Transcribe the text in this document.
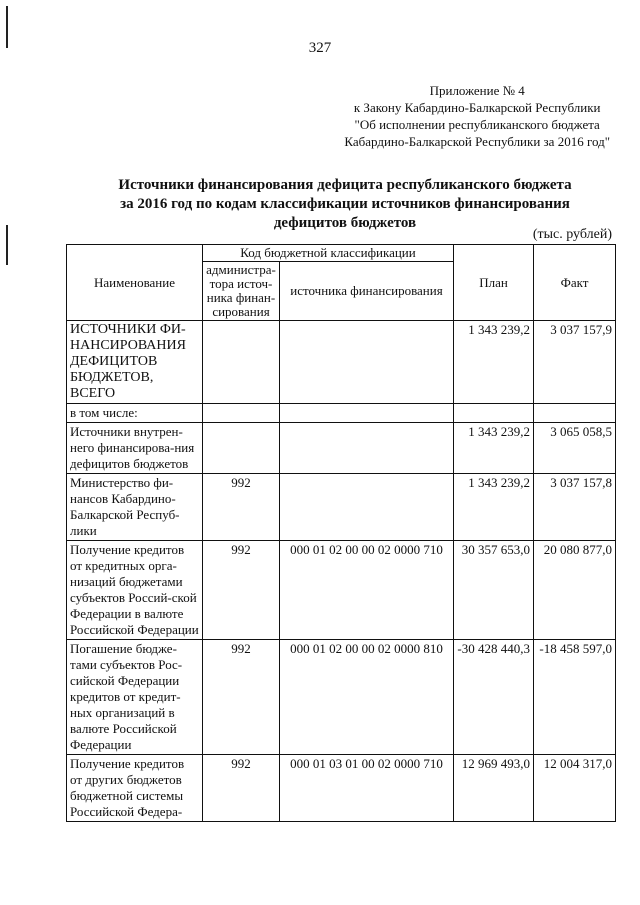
327
Приложение № 4
к Закону Кабардино-Балкарской Республики
"Об исполнении республиканского бюджета
Кабардино-Балкарской Республики за 2016 год"
Источники финансирования дефицита республиканского бюджета
за 2016 год по кодам классификации источников финансирования
дефицитов бюджетов
(тыс. рублей)
Наименование	Код бюджетной классификации		План	Факт
	администра-тора источ-ника финан-сирования	источника финансирования		
ИСТОЧНИКИ ФИ-НАНСИРОВАНИЯ ДЕФИЦИТОВ БЮДЖЕТОВ, ВСЕГО			1 343 239,2	3 037 157,9
в том числе:				
Источники внутрен-него финансирова-ния дефицитов бюджетов			1 343 239,2	3 065 058,5
Министерство фи-нансов Кабардино-Балкарской Респуб-лики	992		1 343 239,2	3 037 157,8
Получение кредитов от кредитных орга-низаций бюджетами субъектов Россий-ской Федерации в валюте Российской Федерации	992	000 01 02 00 00 02 0000 710	30 357 653,0	20 080 877,0
Погашение бюдже-тами субъектов Рос-сийской Федерации кредитов от кредит-ных организаций в валюте Российской Федерации	992	000 01 02 00 00 02 0000 810	-30 428 440,3	-18 458 597,0
Получение кредитов от других бюджетов бюджетной системы Российской Федера-	992	000 01 03 01 00 02 0000 710	12 969 493,0	12 004 317,0
